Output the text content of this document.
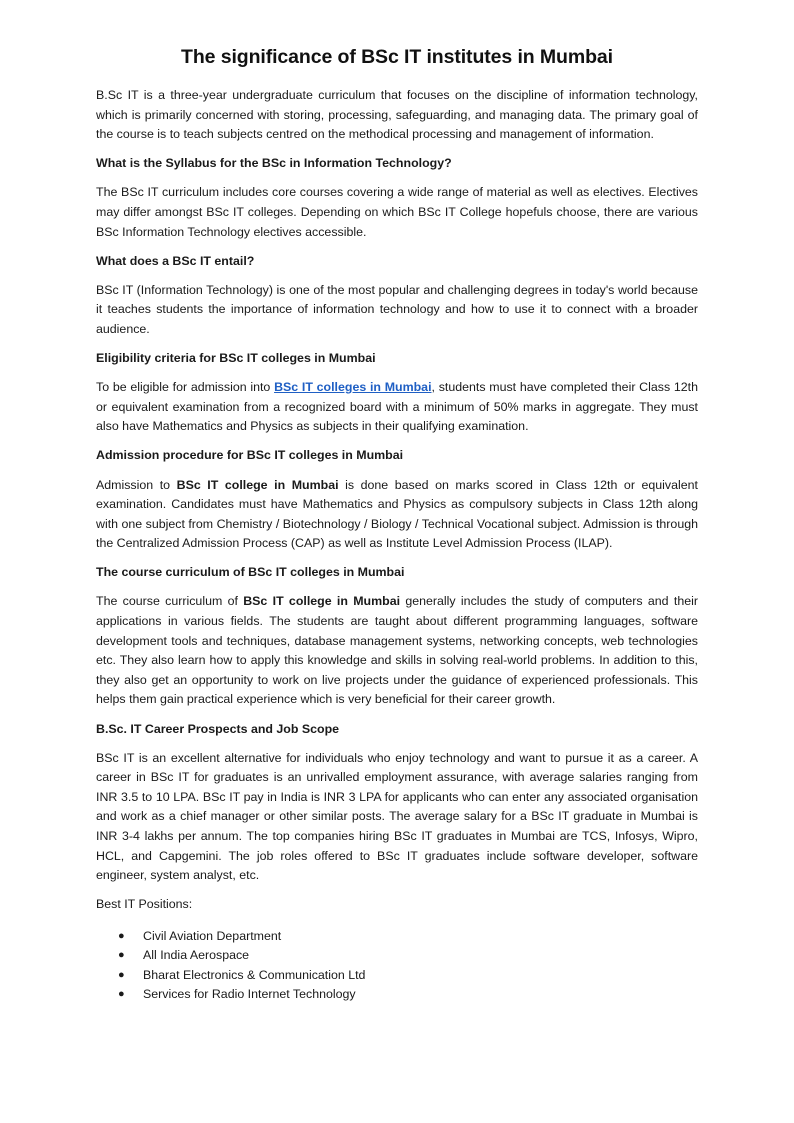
The significance of BSc IT institutes in Mumbai

B.Sc IT is a three-year undergraduate curriculum that focuses on the discipline of information technology, which is primarily concerned with storing, processing, safeguarding, and managing data. The primary goal of the course is to teach subjects centred on the methodical processing and management of information.

What is the Syllabus for the BSc in Information Technology?

The BSc IT curriculum includes core courses covering a wide range of material as well as electives. Electives may differ amongst BSc IT colleges. Depending on which BSc IT College hopefuls choose, there are various BSc Information Technology electives accessible.

What does a BSc IT entail?

BSc IT (Information Technology) is one of the most popular and challenging degrees in today's world because it teaches students the importance of information technology and how to use it to connect with a broader audience.

Eligibility criteria for BSc IT colleges in Mumbai

To be eligible for admission into BSc IT colleges in Mumbai, students must have completed their Class 12th or equivalent examination from a recognized board with a minimum of 50% marks in aggregate. They must also have Mathematics and Physics as subjects in their qualifying examination.

Admission procedure for BSc IT colleges in Mumbai

Admission to BSc IT college in Mumbai is done based on marks scored in Class 12th or equivalent examination. Candidates must have Mathematics and Physics as compulsory subjects in Class 12th along with one subject from Chemistry / Biotechnology / Biology / Technical Vocational subject. Admission is through the Centralized Admission Process (CAP) as well as Institute Level Admission Process (ILAP).

The course curriculum of BSc IT colleges in Mumbai

The course curriculum of BSc IT college in Mumbai generally includes the study of computers and their applications in various fields. The students are taught about different programming languages, software development tools and techniques, database management systems, networking concepts, web technologies etc. They also learn how to apply this knowledge and skills in solving real-world problems. In addition to this, they also get an opportunity to work on live projects under the guidance of experienced professionals. This helps them gain practical experience which is very beneficial for their career growth.

B.Sc. IT Career Prospects and Job Scope

BSc IT is an excellent alternative for individuals who enjoy technology and want to pursue it as a career. A career in BSc IT for graduates is an unrivalled employment assurance, with average salaries ranging from INR 3.5 to 10 LPA. BSc IT pay in India is INR 3 LPA for applicants who can enter any associated organisation and work as a chief manager or other similar posts. The average salary for a BSc IT graduate in Mumbai is INR 3-4 lakhs per annum. The top companies hiring BSc IT graduates in Mumbai are TCS, Infosys, Wipro, HCL, and Capgemini. The job roles offered to BSc IT graduates include software developer, software engineer, system analyst, etc.

Best IT Positions:

● Civil Aviation Department
● All India Aerospace
● Bharat Electronics & Communication Ltd
● Services for Radio Internet Technology
